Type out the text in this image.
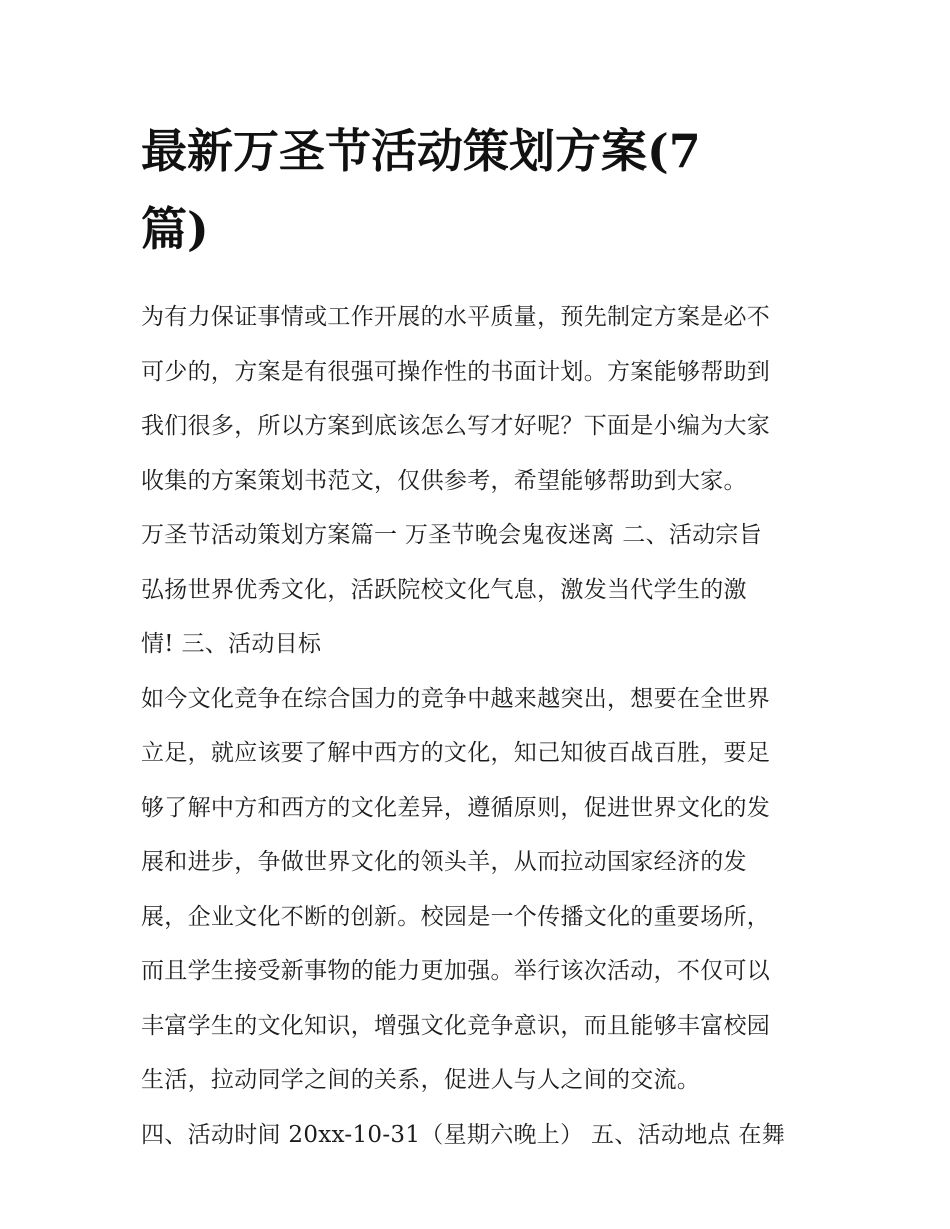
最新万圣节活动策划方案(7篇)
为有力保证事情或工作开展的水平质量，预先制定方案是必不
可少的，方案是有很强可操作性的书面计划。方案能够帮助到
我们很多，所以方案到底该怎么写才好呢？下面是小编为大家
收集的方案策划书范文，仅供参考，希望能够帮助到大家。
万圣节活动策划方案篇一 万圣节晚会鬼夜迷离 二、活动宗旨
弘扬世界优秀文化，活跃院校文化气息，激发当代学生的激
情! 三、活动目标
如今文化竞争在综合国力的竞争中越来越突出，想要在全世界
立足，就应该要了解中西方的文化，知己知彼百战百胜，要足
够了解中方和西方的文化差异，遵循原则，促进世界文化的发
展和进步，争做世界文化的领头羊，从而拉动国家经济的发
展，企业文化不断的创新。校园是一个传播文化的重要场所，
而且学生接受新事物的能力更加强。举行该次活动，不仅可以
丰富学生的文化知识，增强文化竞争意识，而且能够丰富校园
生活，拉动同学之间的关系，促进人与人之间的交流。
四、活动时间 20xx-10-31（星期六晚上） 五、活动地点 在舞
